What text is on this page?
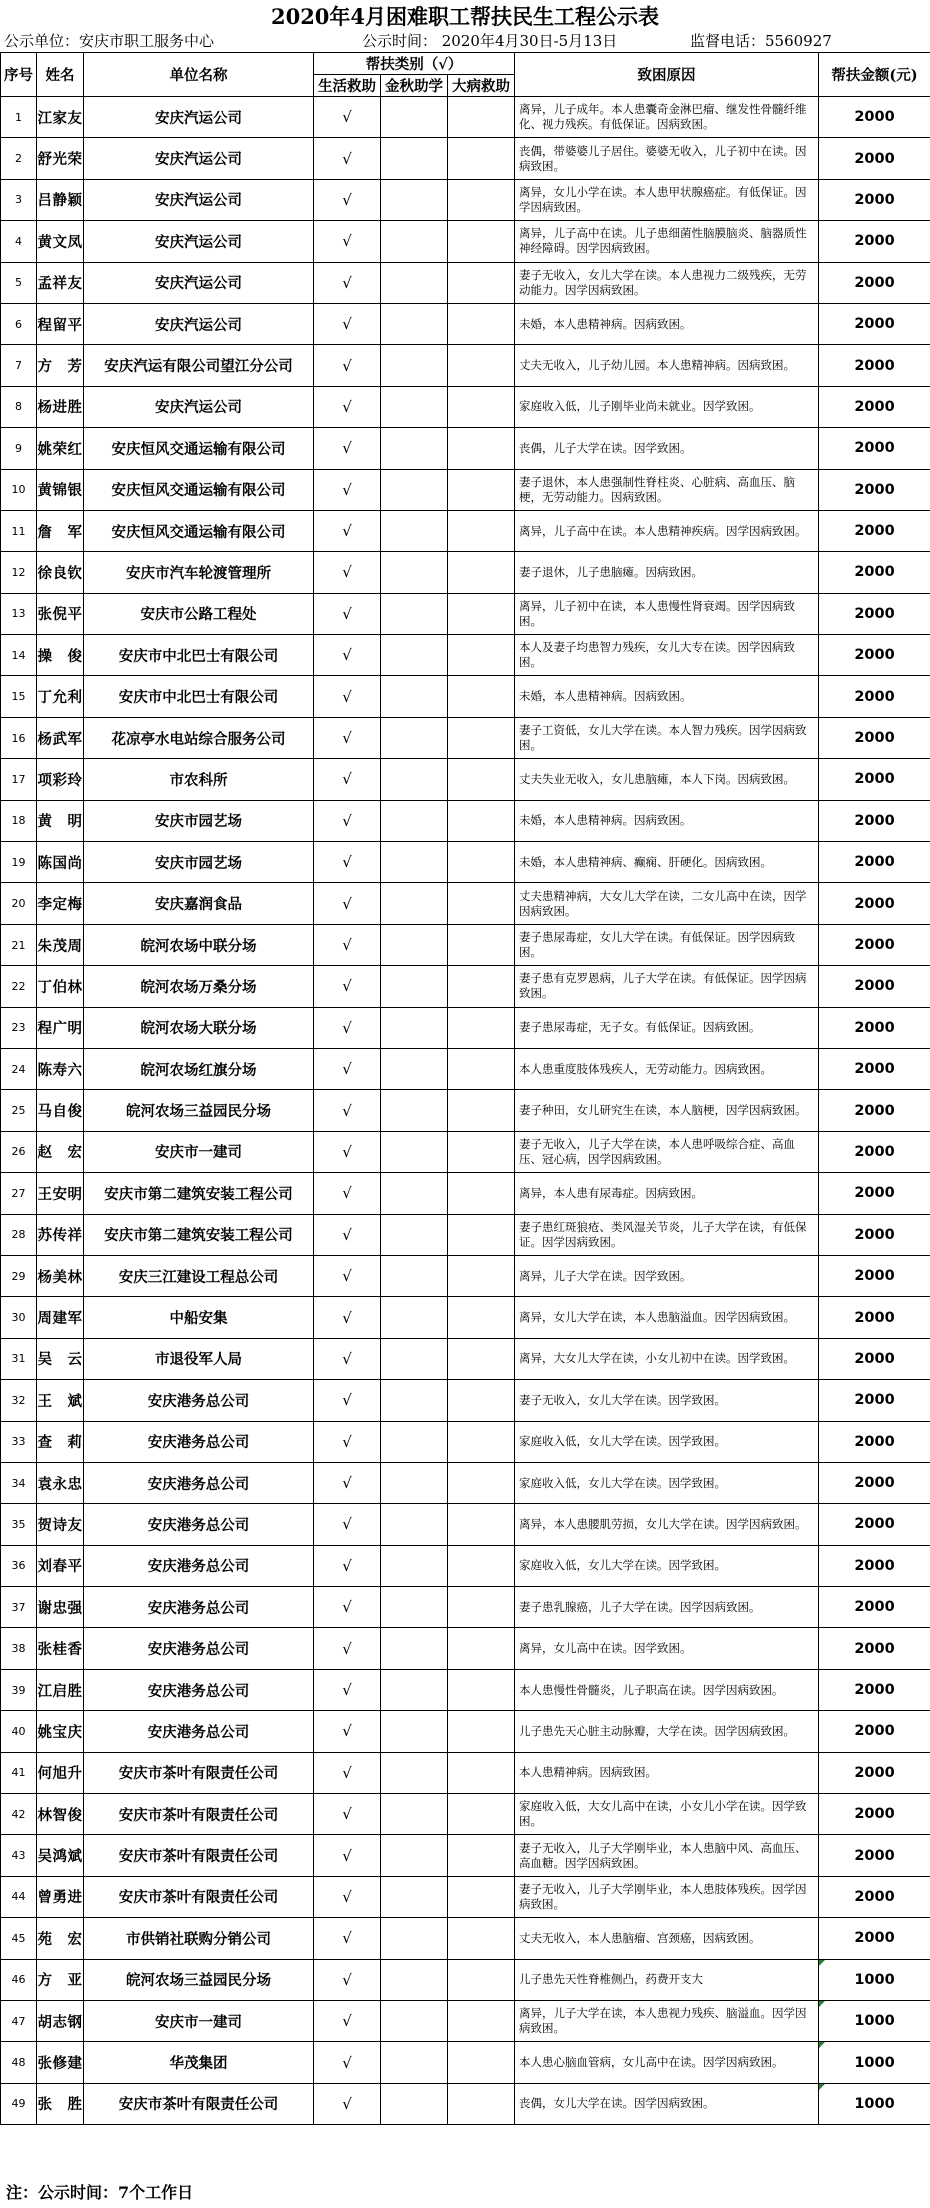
2020年4月困难职工帮扶民生工程公示表
公示单位：安庆市职工服务中心	公示时间： 2020年4月30日-5月13日	监督电话：5560927
序号	姓名	单位名称	帮扶类别（√）			致困原因	帮扶金额(元)
			生活救助	金秋助学	大病救助		
1	江家友	安庆汽运公司	√			离异，儿子成年。本人患囊奇金淋巴瘤、继发性骨髓纤维化、视力残疾。有低保证。因病致困。	2000
2	舒光荣	安庆汽运公司	√			丧偶，带婆婆儿子居住。婆婆无收入，儿子初中在读。因病致困。	2000
3	吕静颖	安庆汽运公司	√			离异，女儿小学在读。本人患甲状腺癌症。有低保证。因学因病致困。	2000
4	黄文凤	安庆汽运公司	√			离异，儿子高中在读。儿子患细菌性脑膜脑炎、脑器质性神经障碍。因学因病致困。	2000
5	孟祥友	安庆汽运公司	√			妻子无收入，女儿大学在读。本人患视力二级残疾，无劳动能力。因学因病致困。	2000
6	程留平	安庆汽运公司	√			未婚，本人患精神病。因病致困。	2000
7	方　芳	安庆汽运有限公司望江分公司	√			丈夫无收入，儿子幼儿园。本人患精神病。因病致困。	2000
8	杨进胜	安庆汽运公司	√			家庭收入低，儿子刚毕业尚未就业。因学致困。	2000
9	姚荣红	安庆恒风交通运输有限公司	√			丧偶，儿子大学在读。因学致困。	2000
10	黄锦银	安庆恒风交通运输有限公司	√			妻子退休，本人患强制性脊柱炎、心脏病、高血压、脑梗，无劳动能力。因病致困。	2000
11	詹　军	安庆恒风交通运输有限公司	√			离异，儿子高中在读。本人患精神疾病。因学因病致困。	2000
12	徐良钦	安庆市汽车轮渡管理所	√			妻子退休，儿子患脑瘫。因病致困。	2000
13	张倪平	安庆市公路工程处	√			离异，儿子初中在读，本人患慢性肾衰竭。因学因病致困。	2000
14	操　俊	安庆市中北巴士有限公司	√			本人及妻子均患智力残疾，女儿大专在读。因学因病致困。	2000
15	丁允利	安庆市中北巴士有限公司	√			未婚，本人患精神病。因病致困。	2000
16	杨武军	花凉亭水电站综合服务公司	√			妻子工资低，女儿大学在读。本人智力残疾。因学因病致困。	2000
17	项彩玲	市农科所	√			丈夫失业无收入，女儿患脑瘫，本人下岗。因病致困。	2000
18	黄　明	安庆市园艺场	√			未婚，本人患精神病。因病致困。	2000
19	陈国尚	安庆市园艺场	√			未婚，本人患精神病、癫痫、肝硬化。因病致困。	2000
20	李定梅	安庆嘉润食品	√			丈夫患精神病，大女儿大学在读，二女儿高中在读，因学因病致困。	2000
21	朱茂周	皖河农场中联分场	√			妻子患尿毒症，女儿大学在读。有低保证。因学因病致困。	2000
22	丁伯林	皖河农场万桑分场	√			妻子患有克罗恩病，儿子大学在读。有低保证。因学因病致困。	2000
23	程广明	皖河农场大联分场	√			妻子患尿毒症，无子女。有低保证。因病致困。	2000
24	陈寿六	皖河农场红旗分场	√			本人患重度肢体残疾人，无劳动能力。因病致困。	2000
25	马自俊	皖河农场三益园民分场	√			妻子种田，女儿研究生在读，本人脑梗，因学因病致困。	2000
26	赵　宏	安庆市一建司	√			妻子无收入，儿子大学在读，本人患呼吸综合症、高血压、冠心病，因学因病致困。	2000
27	王安明	安庆市第二建筑安装工程公司	√			离异，本人患有尿毒症。因病致困。	2000
28	苏传祥	安庆市第二建筑安装工程公司	√			妻子患红斑狼疮、类风湿关节炎，儿子大学在读，有低保证。因学因病致困。	2000
29	杨美林	安庆三江建设工程总公司	√			离异，儿子大学在读。因学致困。	2000
30	周建军	中船安集	√			离异，女儿大学在读，本人患脑溢血。因学因病致困。	2000
31	吴　云	市退役军人局	√			离异，大女儿大学在读，小女儿初中在读。因学致困。	2000
32	王　斌	安庆港务总公司	√			妻子无收入，女儿大学在读。因学致困。	2000
33	查　莉	安庆港务总公司	√			家庭收入低，女儿大学在读。因学致困。	2000
34	袁永忠	安庆港务总公司	√			家庭收入低，女儿大学在读。因学致困。	2000
35	贺诗友	安庆港务总公司	√			离异，本人患腰肌劳损，女儿大学在读。因学因病致困。	2000
36	刘春平	安庆港务总公司	√			家庭收入低，女儿大学在读。因学致困。	2000
37	谢忠强	安庆港务总公司	√			妻子患乳腺癌，儿子大学在读。因学因病致困。	2000
38	张桂香	安庆港务总公司	√			离异，女儿高中在读。因学致困。	2000
39	江启胜	安庆港务总公司	√			本人患慢性骨髓炎，儿子职高在读。因学因病致困。	2000
40	姚宝庆	安庆港务总公司	√			儿子患先天心脏主动脉瓣，大学在读。因学因病致困。	2000
41	何旭升	安庆市茶叶有限责任公司	√			本人患精神病。因病致困。	2000
42	林智俊	安庆市茶叶有限责任公司	√			家庭收入低，大女儿高中在读，小女儿小学在读。因学致困。	2000
43	吴鸿斌	安庆市茶叶有限责任公司	√			妻子无收入，儿子大学刚毕业，本人患脑中风、高血压、高血糖。因学因病致困。	2000
44	曾勇进	安庆市茶叶有限责任公司	√			妻子无收入，儿子大学刚毕业，本人患肢体残疾。因学因病致困。	2000
45	苑　宏	市供销社联购分销公司	√			丈夫无收入，本人患脑瘤、宫颈癌，因病致困。	2000
46	方　亚	皖河农场三益园民分场	√			儿子患先天性脊椎侧凸，药费开支大	1000
47	胡志钢	安庆市一建司	√			离异，儿子大学在读，本人患视力残疾、脑溢血。因学因病致困。	1000
48	张修建	华茂集团	√			本人患心脑血管病，女儿高中在读。因学因病致困。	1000
49	张　胜	安庆市茶叶有限责任公司	√			丧偶，女儿大学在读。因学因病致困。	1000
注：公示时间：7个工作日
